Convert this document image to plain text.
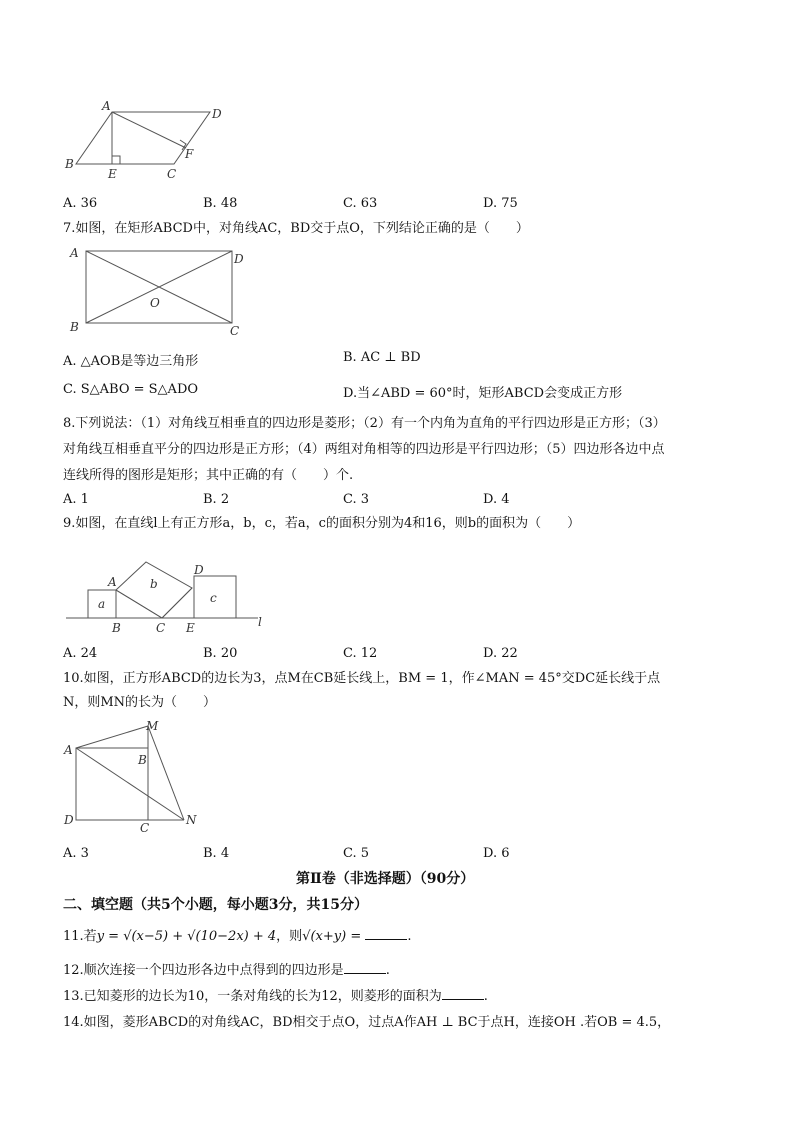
A
D
B
E	C
F
A. 36	B. 48	C. 63	D. 75
7.如图，在矩形ABCD中，对角线AC，BD交于点O，下列结论正确的是（　　）
A	D
O
B	C
A. △AOB是等边三角形	B. AC ⊥ BD
C. S△ABO = S△ADO	D.当∠ABD = 60°时，矩形ABCD会变成正方形
8.下列说法：（1）对角线互相垂直的四边形是菱形；（2）有一个内角为直角的平行四边形是正方形；（3）
对角线互相垂直平分的四边形是正方形；（4）两组对角相等的四边形是平行四边形；（5）四边形各边中点
连线所得的图形是矩形；其中正确的有（　　）个.
A. 1	B. 2	C. 3	D. 4
9.如图，在直线l上有正方形a，b，c，若a，c的面积分别为4和16，则b的面积为（　　）
A	b
D
a	c
B	C E	l
A. 24	B. 20	C. 12	D. 22
10.如图，正方形ABCD的边长为3，点M在CB延长线上，BM = 1，作∠MAN = 45°交DC延长线于点
N，则MN的长为（　　）
M
A
B
D
C
N
A. 3	B. 4	C. 5	D. 6
第Ⅱ卷（非选择题）（90分）
二、填空题（共5个小题，每小题3分，共15分）
11.若y = √(x−5) + √(10−2x) + 4，则√(x+y) =	.
12.顺次连接一个四边形各边中点得到的四边形是	.
13.已知菱形的边长为10，一条对角线的长为12，则菱形的面积为	.
14.如图，菱形ABCD的对角线AC，BD相交于点O，过点A作AH ⊥ BC于点H，连接OH .若OB = 4.5，
